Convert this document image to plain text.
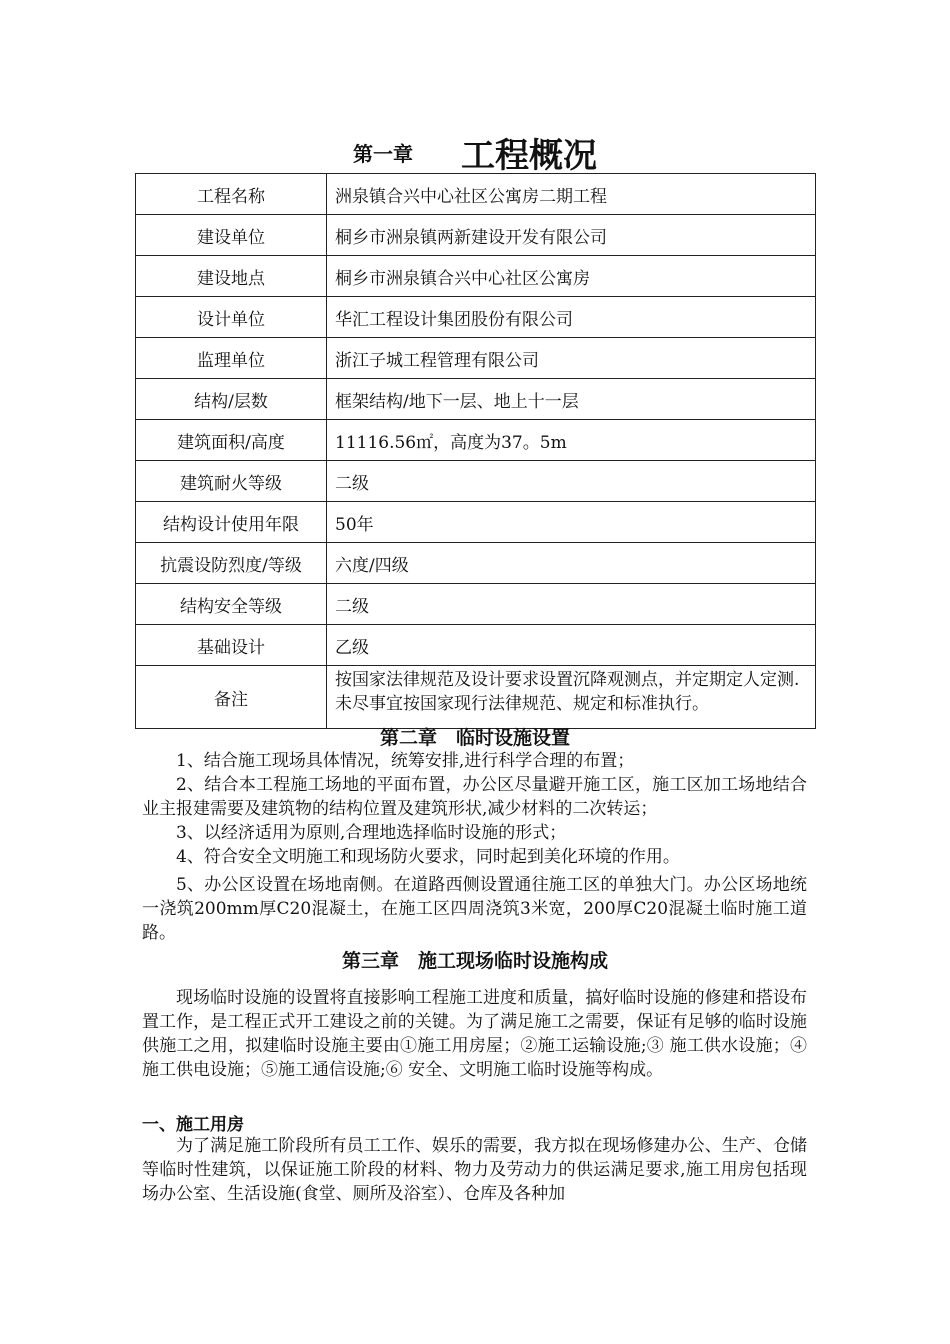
第一章 工程概况
工程名称	洲泉镇合兴中心社区公寓房二期工程
建设单位	桐乡市洲泉镇两新建设开发有限公司
建设地点	桐乡市洲泉镇合兴中心社区公寓房
设计单位	华汇工程设计集团股份有限公司
监理单位	浙江子城工程管理有限公司
结构/层数	框架结构/地下一层、地上十一层
建筑面积/高度	11116.56㎡，高度为37。5m
建筑耐火等级	二级
结构设计使用年限	50年
抗震设防烈度/等级	六度/四级
结构安全等级	二级
基础设计	乙级
备注	按国家法律规范及设计要求设置沉降观测点，并定期定人定测.未尽事宜按国家现行法律规范、规定和标准执行。
第二章　临时设施设置

1、结合施工现场具体情况，统筹安排,进行科学合理的布置；

2、结合本工程施工场地的平面布置，办公区尽量避开施工区，施工区加工场地结合业主报建需要及建筑物的结构位置及建筑形状,减少材料的二次转运；

3、以经济适用为原则,合理地选择临时设施的形式；

4、符合安全文明施工和现场防火要求，同时起到美化环境的作用。

5、办公区设置在场地南侧。在道路西侧设置通往施工区的单独大门。办公区场地统一浇筑200mm厚C20混凝土，在施工区四周浇筑3米宽，200厚C20混凝土临时施工道路。

第三章　施工现场临时设施构成

现场临时设施的设置将直接影响工程施工进度和质量，搞好临时设施的修建和搭设布置工作，是工程正式开工建设之前的关键。为了满足施工之需要，保证有足够的临时设施供施工之用，拟建临时设施主要由①施工用房屋；②施工运输设施;③ 施工供水设施；④施工供电设施；⑤施工通信设施;⑥ 安全、文明施工临时设施等构成。

一、施工用房

为了满足施工阶段所有员工工作、娱乐的需要，我方拟在现场修建办公、生产、仓储等临时性建筑，以保证施工阶段的材料、物力及劳动力的供运满足要求,施工用房包括现场办公室、生活设施(食堂、厕所及浴室）、仓库及各种加
